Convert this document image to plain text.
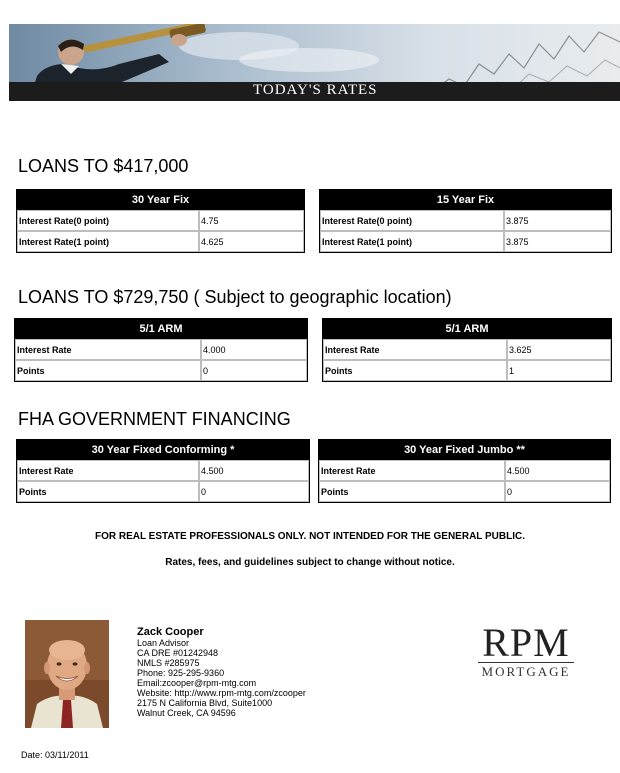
TODAY'S RATES
LOANS TO $417,000
30 Year Fix	
Interest Rate(0 point)	4.75
Interest Rate(1 point)	4.625
15 Year Fix	
Interest Rate(0 point)	3.875
Interest Rate(1 point)	3.875
LOANS TO $729,750 ( Subject to geographic location)
5/1 ARM	
Interest Rate	4.000
Points	0
5/1 ARM	
Interest Rate	3.625
Points	1
FHA GOVERNMENT FINANCING
30 Year Fixed Conforming *	
Interest Rate	4.500
Points	0
30 Year Fixed Jumbo **	
Interest Rate	4.500
Points	0
FOR REAL ESTATE PROFESSIONALS ONLY. NOT INTENDED FOR THE GENERAL PUBLIC.
Rates, fees, and guidelines subject to change without notice.
Zack Cooper
Loan Advisor
CA DRE #01242948
NMLS #285975
Phone: 925-295-9360
Email:zcooper@rpm-mtg.com
Website: http://www.rpm-mtg.com/zcooper
2175 N California Blvd, Suite1000
Walnut Creek, CA 94596
RPM
MORTGAGE
Date: 03/11/2011
